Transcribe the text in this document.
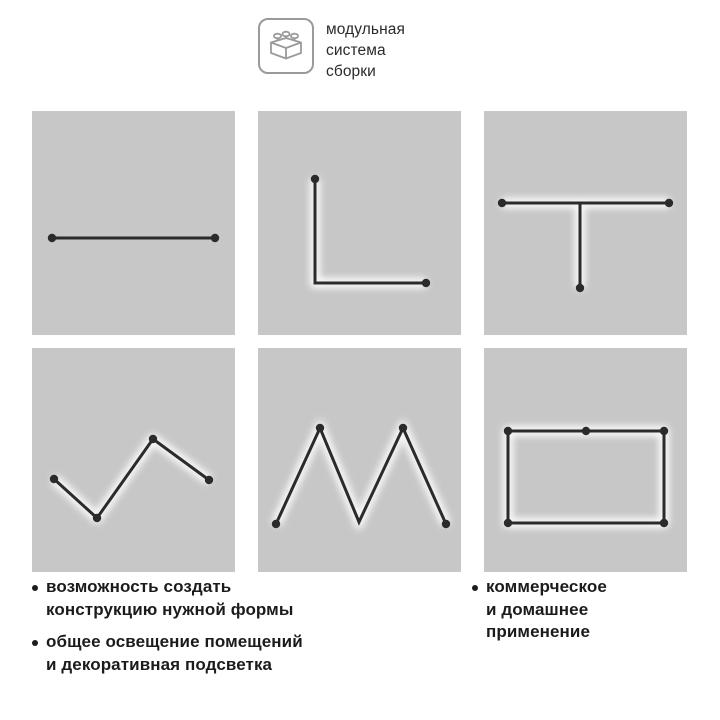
модульная
система
сборки
возможность создать
конструкцию нужной формы
общее освещение помещений
и декоративная подсветка
коммерческое
и домашнее
применение
